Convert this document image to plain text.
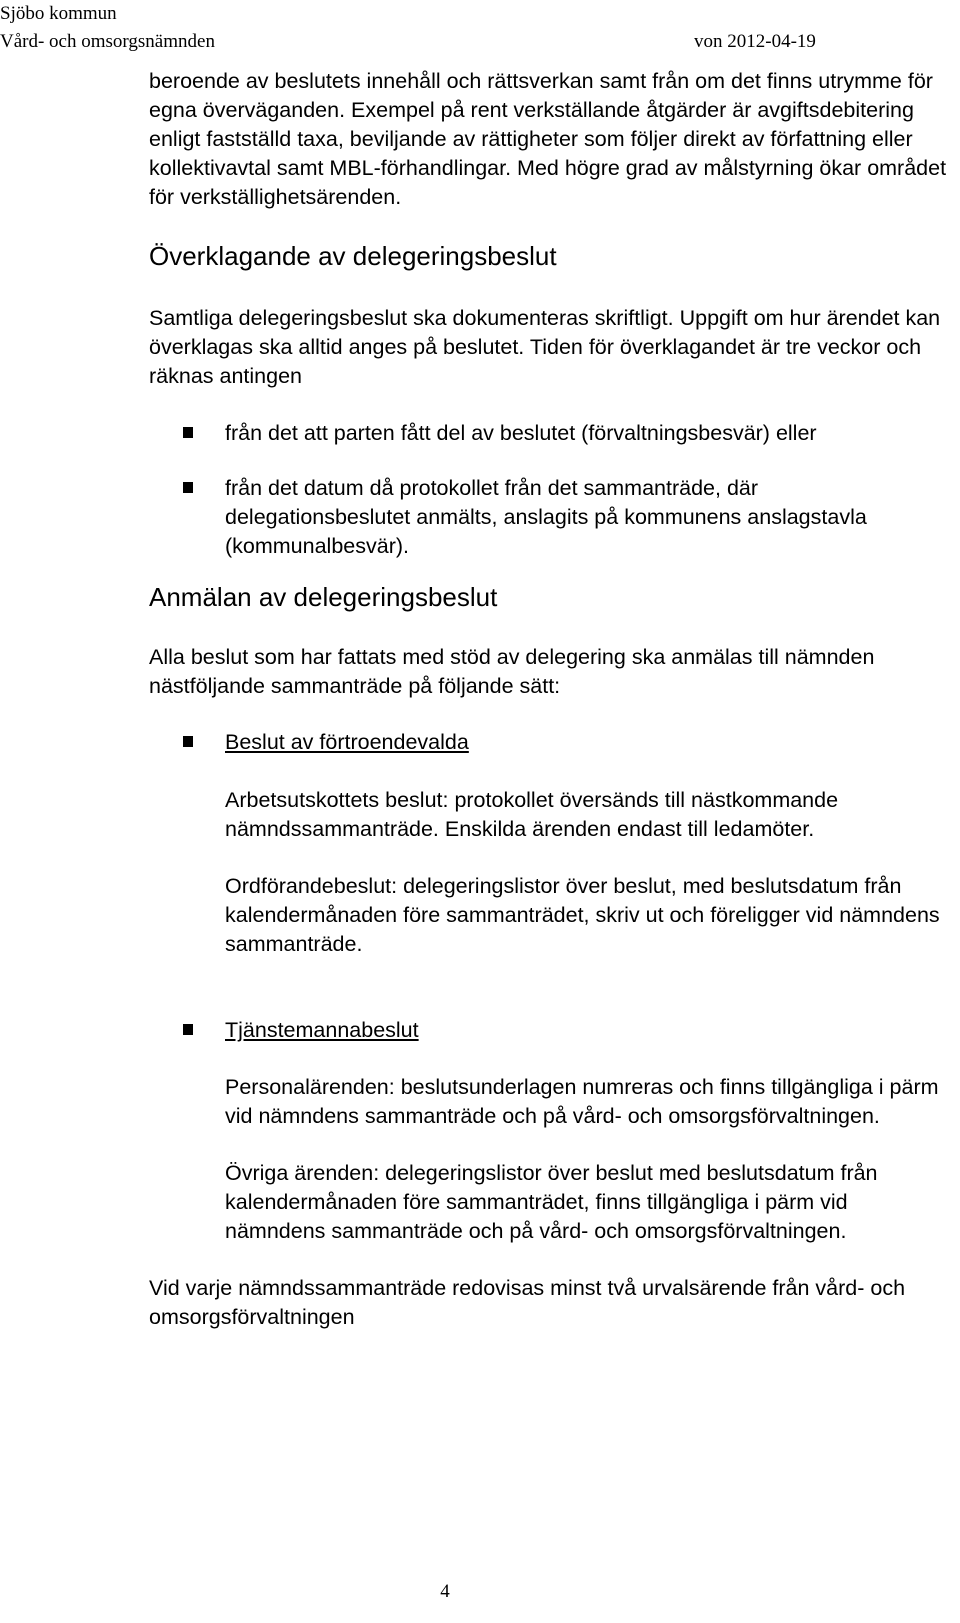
Sjöbo kommun
Vård- och omsorgsnämnden	von 2012-04-19

beroende av beslutets innehåll och rättsverkan samt från om det finns utrymme för egna överväganden. Exempel på rent verkställande åtgärder är avgiftsdebitering enligt fastställd taxa, beviljande av rättigheter som följer direkt av författning eller kollektivavtal samt MBL-förhandlingar. Med högre grad av målstyrning ökar området för verkställighetsärenden.

Överklagande av delegeringsbeslut

Samtliga delegeringsbeslut ska dokumenteras skriftligt. Uppgift om hur ärendet kan överklagas ska alltid anges på beslutet. Tiden för överklagandet är tre veckor och räknas antingen

från det att parten fått del av beslutet (förvaltningsbesvär) eller
från det datum då protokollet från det sammanträde, där delegationsbeslutet anmälts, anslagits på kommunens anslagstavla (kommunalbesvär).
Anmälan av delegeringsbeslut

Alla beslut som har fattats med stöd av delegering ska anmälas till nämnden nästföljande sammanträde på följande sätt:

Beslut av förtroendevalda

Arbetsutskottets beslut: protokollet översänds till nästkommande nämndssammanträde. Enskilda ärenden endast till ledamöter.

Ordförandebeslut: delegeringslistor över beslut, med beslutsdatum från kalendermånaden före sammanträdet, skriv ut och föreligger vid nämndens sammanträde.

Tjänstemannabeslut

Personalärenden: beslutsunderlagen numreras och finns tillgängliga i pärm vid nämndens sammanträde och på vård- och omsorgsförvaltningen.

Övriga ärenden: delegeringslistor över beslut med beslutsdatum från kalendermånaden före sammanträdet, finns tillgängliga i pärm vid nämndens sammanträde och på vård- och omsorgsförvaltningen.

Vid varje nämndssammanträde redovisas minst två urvalsärende från vård- och omsorgsförvaltningen

4
